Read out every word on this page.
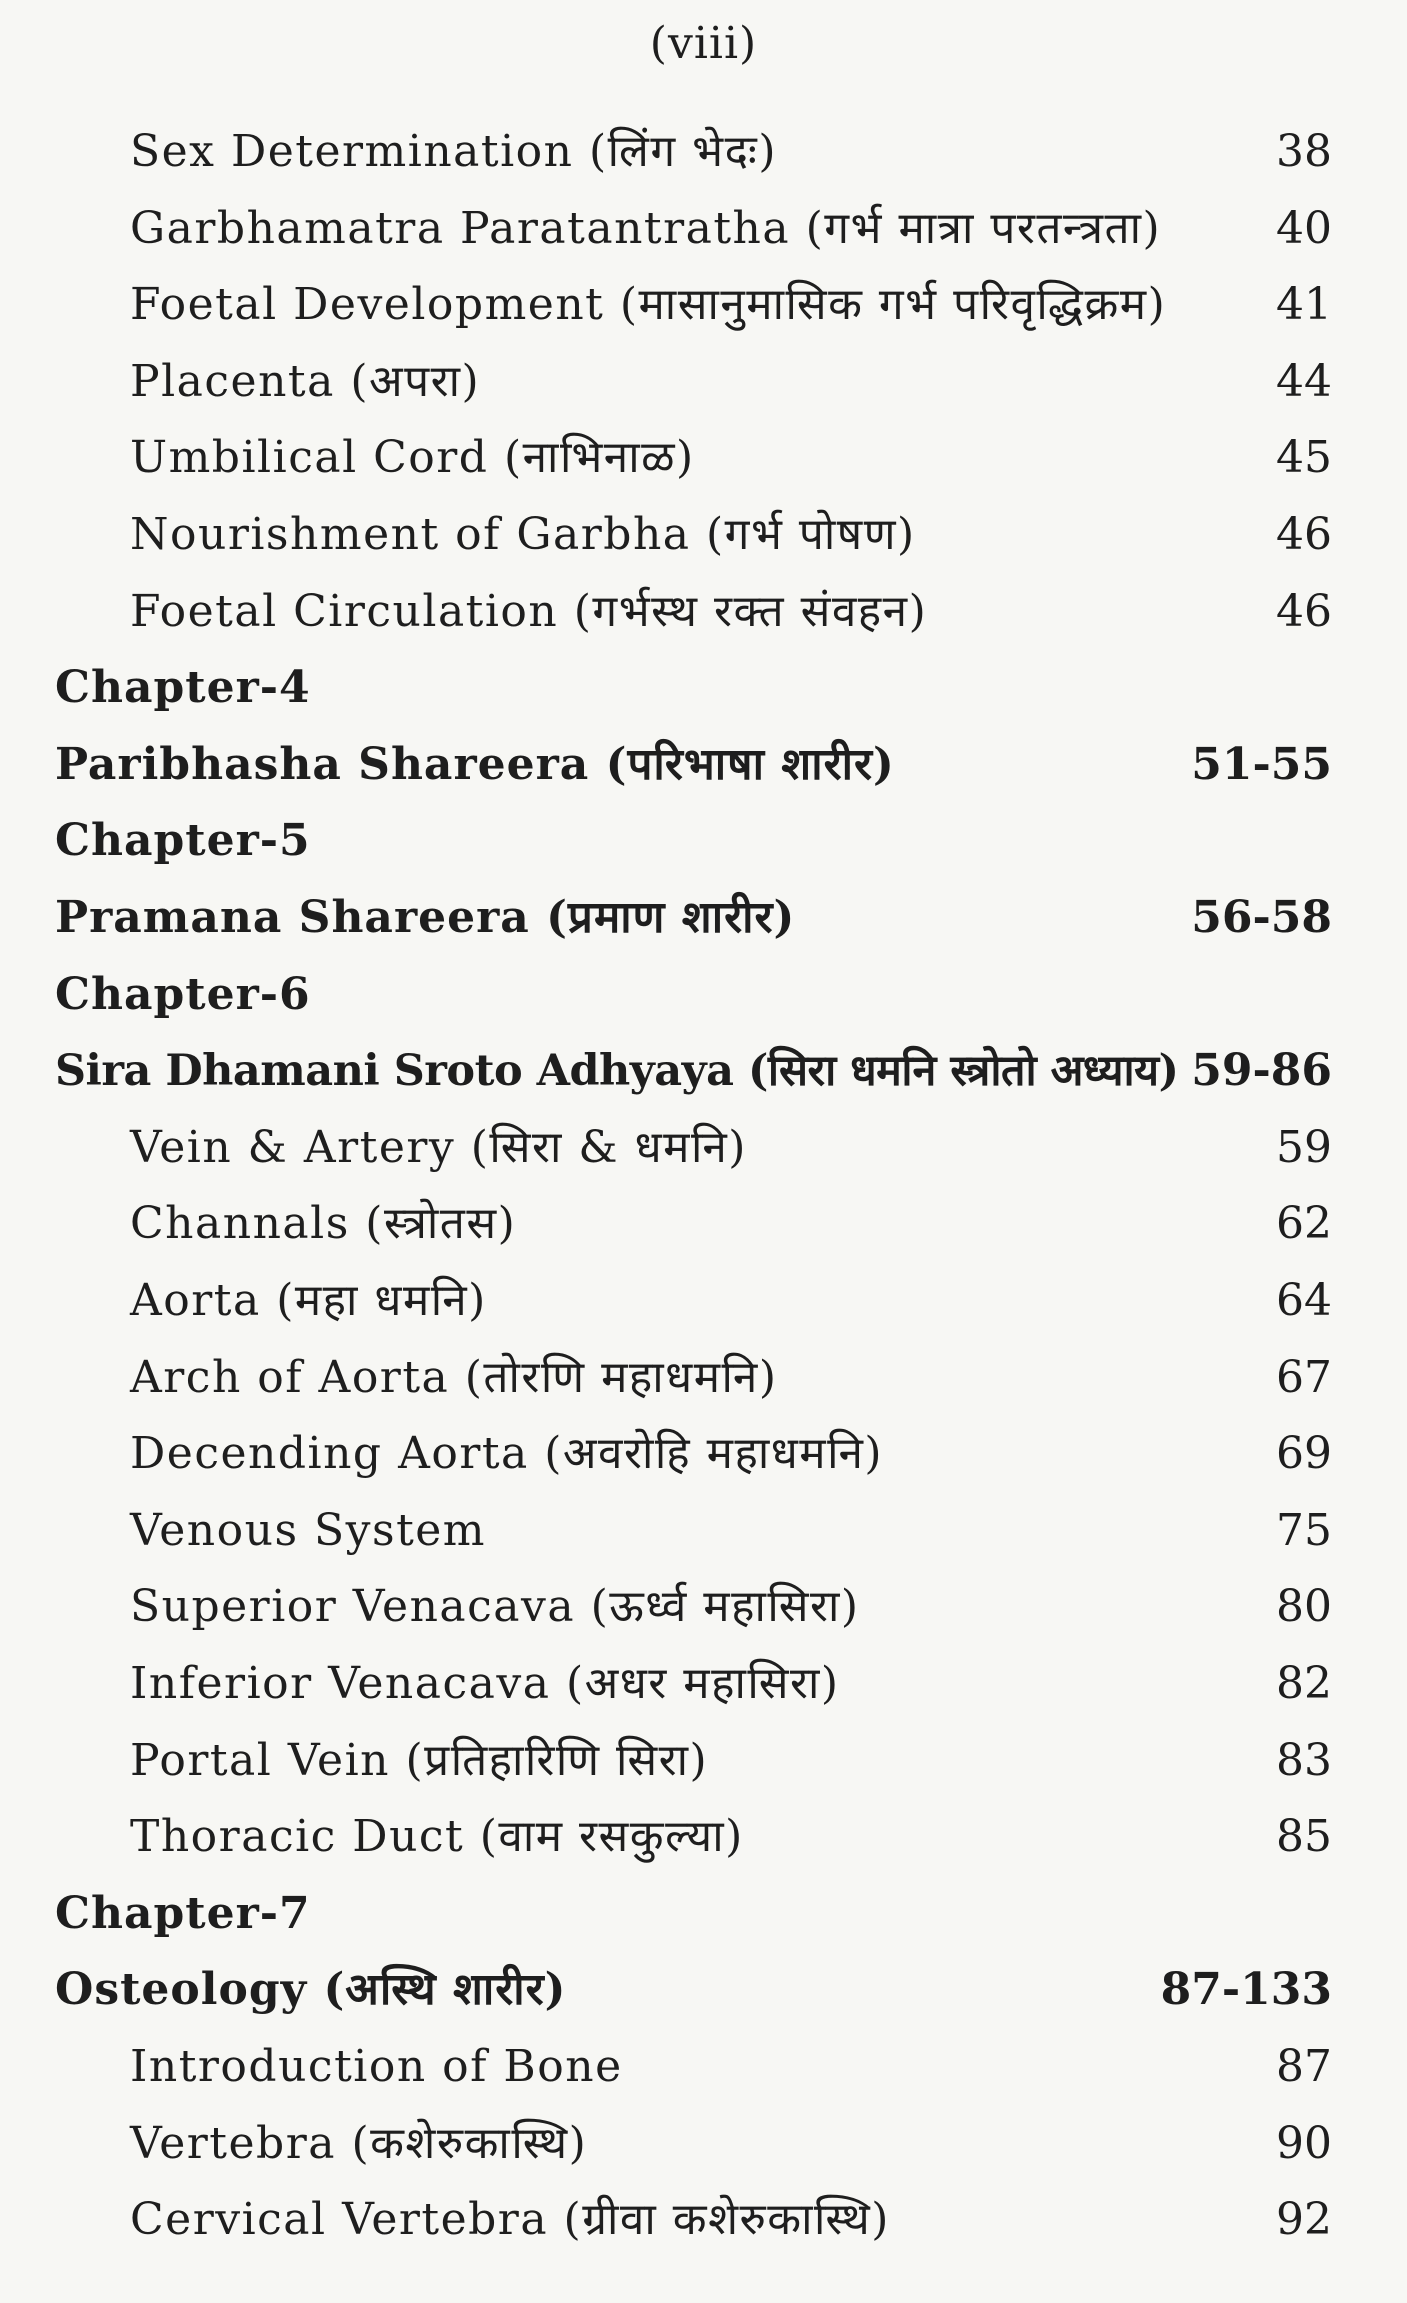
(viii)
Sex Determination (लिंग भेदः)	38
Garbhamatra Paratantratha (गर्भ मात्रा परतन्त्रता)	40
Foetal Development (मासानुमासिक गर्भ परिवृद्धिक्रम) 41
Placenta (अपरा)	44
Umbilical Cord (नाभिनाळ)	45
Nourishment of Garbha (गर्भ पोषण)	46
Foetal Circulation (गर्भस्थ रक्त संवहन)	46
Chapter-4
Paribhasha Shareera (परिभाषा शारीर)	51-55
Chapter-5
Pramana Shareera (प्रमाण शारीर)	56-58
Chapter-6
Sira Dhamani Sroto Adhyaya (सिरा धमनि स्त्रोतो अध्याय) 59-86
Vein & Artery (सिरा & धमनि)	59
Channals (स्त्रोतस)	62
Aorta (महा धमनि)	64
Arch of Aorta (तोरणि महाधमनि)	67
Decending Aorta (अवरोहि महाधमनि)	69
Venous System	75
Superior Venacava (ऊर्ध्व महासिरा)	80
Inferior Venacava (अधर महासिरा)	82
Portal Vein (प्रतिहारिणि सिरा)	83
Thoracic Duct (वाम रसकुल्या)	85
Chapter-7
Osteology (अस्थि शारीर)	87-133
Introduction of Bone	87
Vertebra (कशेरुकास्थि)	90
Cervical Vertebra (ग्रीवा कशेरुकास्थि)	92
